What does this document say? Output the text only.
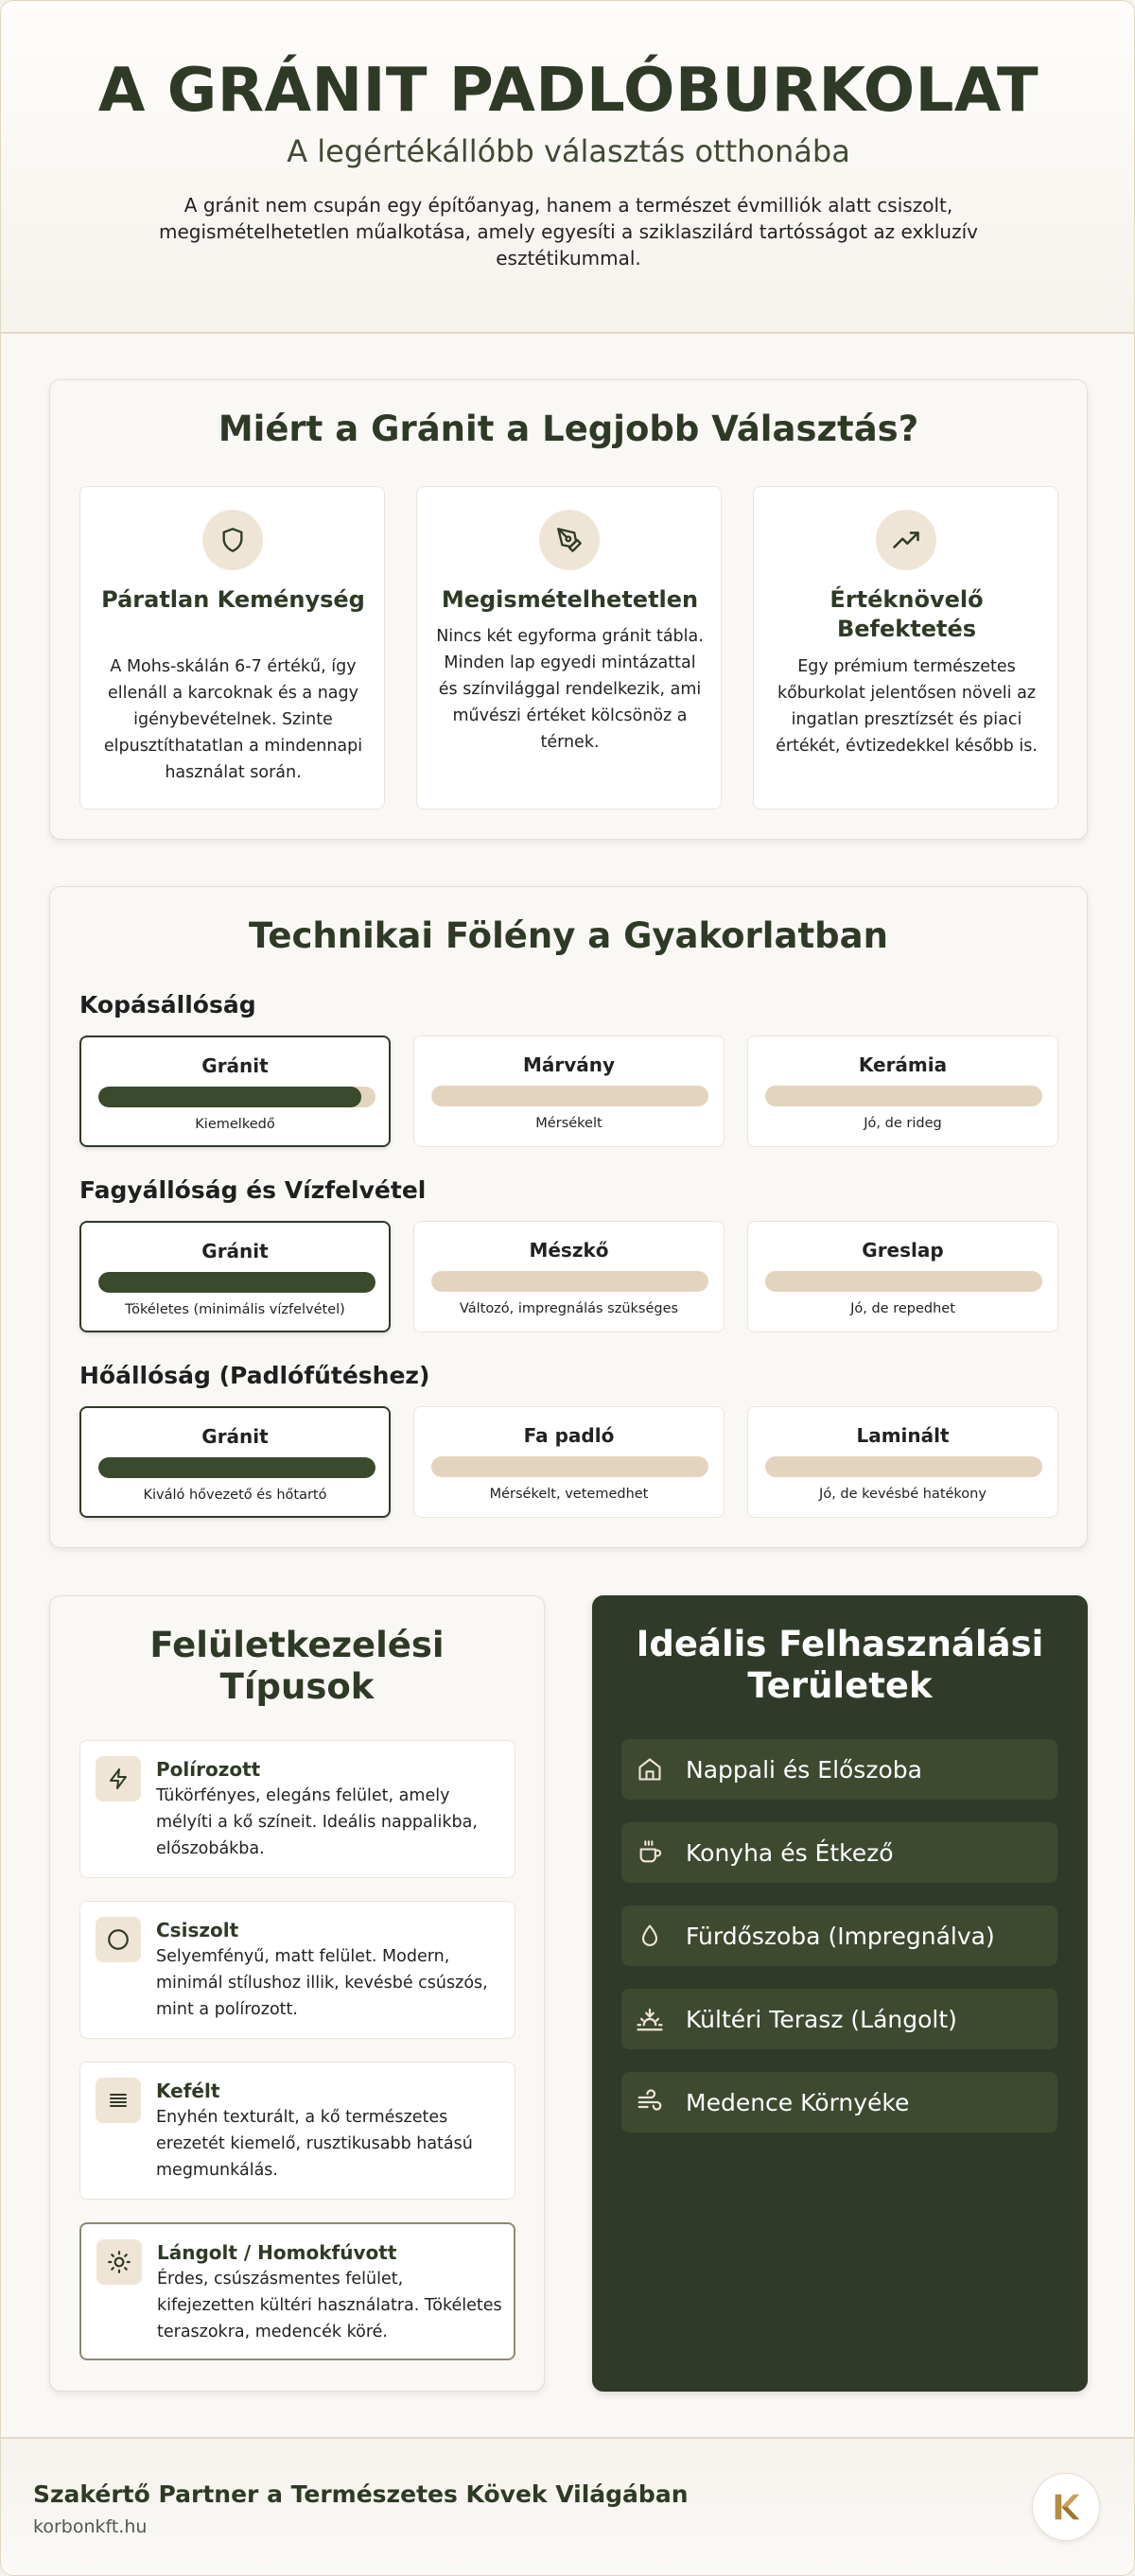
A GRÁNIT PADLÓBURKOLAT
A legértékállóbb választás otthonába

A gránit nem csupán egy építőanyag, hanem a természet évmilliók alatt csiszolt, megismételhetetlen műalkotása, amely egyesíti a sziklaszilárd tartósságot az exkluzív esztétikummal.

Miért a Gránit a Legjobb Választás?
Páratlan Keménység

A Mohs-skálán 6-7 értékű, így ellenáll a karcoknak és a nagy igénybevételnek. Szinte elpusztíthatatlan a mindennapi használat során.

Megismételhetetlen

Nincs két egyforma gránit tábla. Minden lap egyedi mintázattal és színvilággal rendelkezik, ami művészi értéket kölcsönöz a térnek.

Értéknövelő Befektetés

Egy prémium természetes kőburkolat jelentősen növeli az ingatlan presztízsét és piaci értékét, évtizedekkel később is.

Technikai Fölény a Gyakorlatban
Kopásállóság
Gránit
Kiemelkedő
Márvány
Mérsékelt
Kerámia
Jó, de rideg
Fagyállóság és Vízfelvétel
Gránit
Tökéletes (minimális vízfelvétel)
Mészkő
Változó, impregnálás szükséges
Greslap
Jó, de repedhet
Hőállóság (Padlófűtéshez)
Gránit
Kiváló hővezető és hőtartó
Fa padló
Mérsékelt, vetemedhet
Laminált
Jó, de kevésbé hatékony
Felületkezelési Típusok
Polírozott

Tükörfényes, elegáns felület, amely mélyíti a kő színeit. Ideális nappalikba, előszobákba.

Csiszolt

Selyemfényű, matt felület. Modern, minimál stílushoz illik, kevésbé csúszós, mint a polírozott.

Kefélt

Enyhén texturált, a kő természetes erezetét kiemelő, rusztikusabb hatású megmunkálás.

Lángolt / Homokfúvott

Érdes, csúszásmentes felület, kifejezetten kültéri használatra. Tökéletes teraszokra, medencék köré.

Ideális Felhasználási Területek
Nappali és Előszoba
Konyha és Étkező
Fürdőszoba (Impregnálva)
Kültéri Terasz (Lángolt)
Medence Környéke
Szakértő Partner a Természetes Kövek Világában
korbonkft.hu
